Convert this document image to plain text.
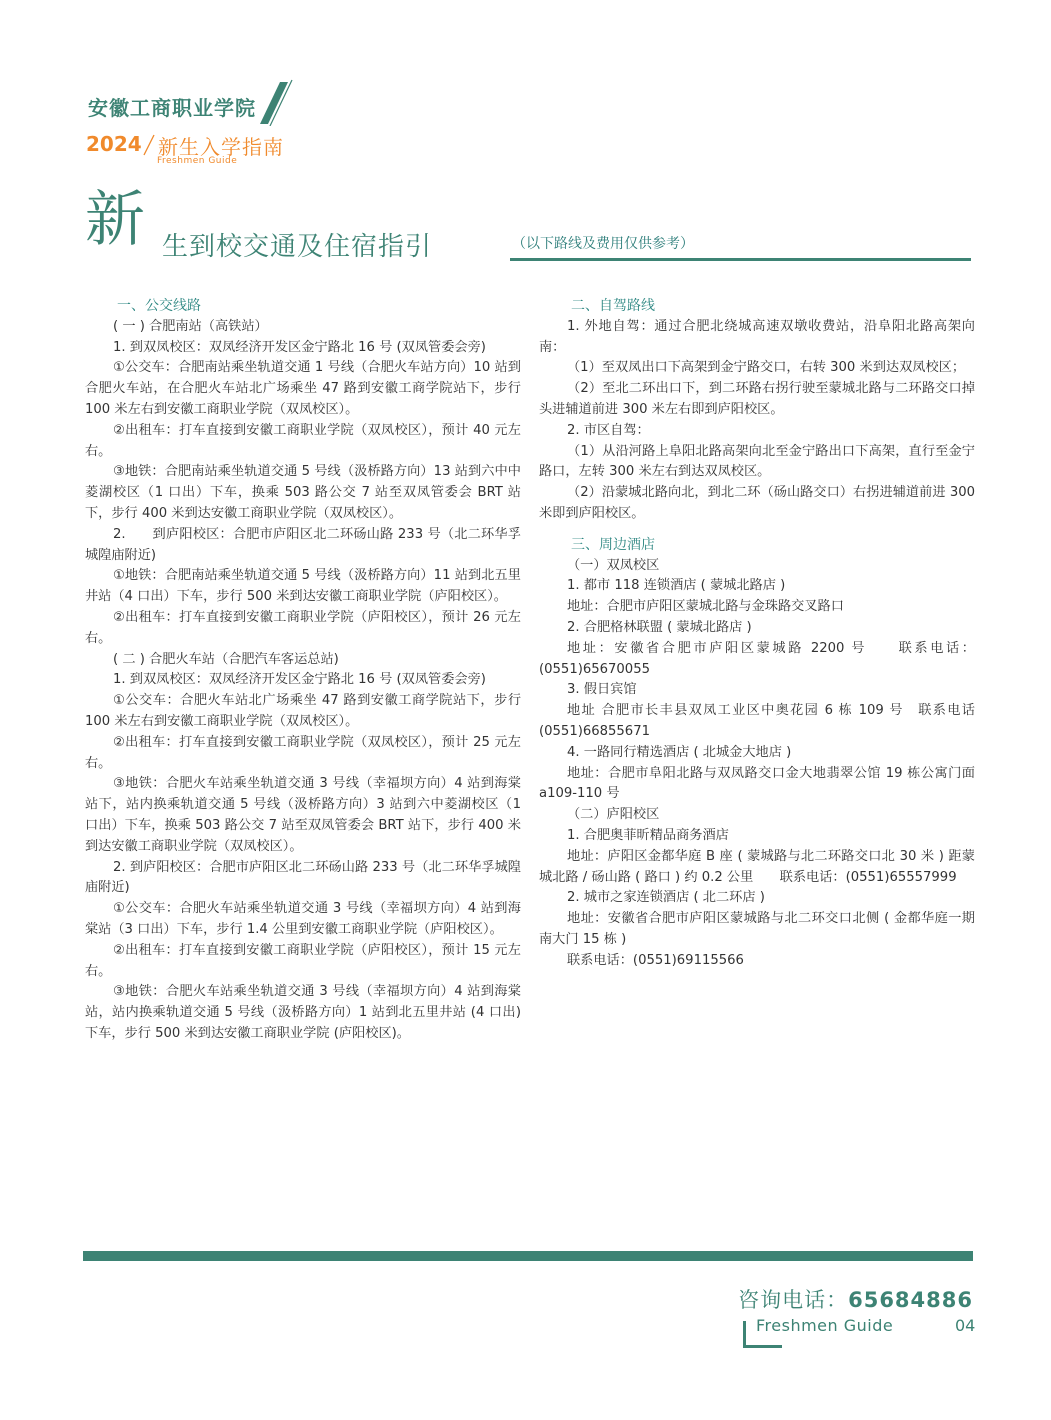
安徽工商职业学院
2024 新生入学指南
Freshmen Guide
新 生到校交通及住宿指引	（以下路线及费用仅供参考）

一、公交线路

( 一 ) 合肥南站（高铁站）

1. 到双凤校区：双凤经济开发区金宁路北 16 号 (双凤管委会旁)

①公交车：合肥南站乘坐轨道交通 1 号线（合肥火车站方向）10 站到合肥火车站，在合肥火车站北广场乘坐 47 路到安徽工商学院站下，步行 100 米左右到安徽工商职业学院（双凤校区）。

②出租车：打车直接到安徽工商职业学院（双凤校区），预计 40 元左右。

③地铁：合肥南站乘坐轨道交通 5 号线（汲桥路方向）13 站到六中中菱湖校区（1 口出）下车，换乘 503 路公交 7 站至双凤管委会 BRT 站下，步行 400 米到达安徽工商职业学院（双凤校区）。

2.　　到庐阳校区：合肥市庐阳区北二环砀山路 233 号（北二环华孚城隍庙附近)

①地铁：合肥南站乘坐轨道交通 5 号线（汲桥路方向）11 站到北五里井站（4 口出）下车，步行 500 米到达安徽工商职业学院（庐阳校区）。

②出租车：打车直接到安徽工商职业学院（庐阳校区），预计 26 元左右。

( 二 ) 合肥火车站（合肥汽车客运总站)

1. 到双凤校区：双凤经济开发区金宁路北 16 号 (双凤管委会旁)

①公交车：合肥火车站北广场乘坐 47 路到安徽工商学院站下，步行 100 米左右到安徽工商职业学院（双凤校区）。

②出租车：打车直接到安徽工商职业学院（双凤校区），预计 25 元左右。

③地铁：合肥火车站乘坐轨道交通 3 号线（幸福坝方向）4 站到海棠站下，站内换乘轨道交通 5 号线（汲桥路方向）3 站到六中菱湖校区（1 口出）下车，换乘 503 路公交 7 站至双凤管委会 BRT 站下，步行 400 米到达安徽工商职业学院（双凤校区）。

2. 到庐阳校区：合肥市庐阳区北二环砀山路 233 号（北二环华孚城隍庙附近)

①公交车：合肥火车站乘坐轨道交通 3 号线（幸福坝方向）4 站到海棠站（3 口出）下车，步行 1.4 公里到安徽工商职业学院（庐阳校区）。

②出租车：打车直接到安徽工商职业学院（庐阳校区），预计 15 元左右。

③地铁：合肥火车站乘坐轨道交通 3 号线（幸福坝方向）4 站到海棠站，站内换乘轨道交通 5 号线（汲桥路方向）1 站到北五里井站 (4 口出) 下车，步行 500 米到达安徽工商职业学院 (庐阳校区)。

二、自驾路线

1. 外地自驾：通过合肥北绕城高速双墩收费站，沿阜阳北路高架向南：

（1）至双凤出口下高架到金宁路交口，右转 300 米到达双凤校区；

（2）至北二环出口下，到二环路右拐行驶至蒙城北路与二环路交口掉头进辅道前进 300 米左右即到庐阳校区。

2. 市区自驾：

（1）从沿河路上阜阳北路高架向北至金宁路出口下高架，直行至金宁路口，左转 300 米左右到达双凤校区。

（2）沿蒙城北路向北，到北二环（砀山路交口）右拐进辅道前进 300 米即到庐阳校区。

三、周边酒店

（一）双凤校区

1. 都市 118 连锁酒店 ( 蒙城北路店 )

地址：合肥市庐阳区蒙城北路与金珠路交叉路口

2. 合肥格林联盟 ( 蒙城北路店 )

地址：安徽省合肥市庐阳区蒙城路 2200 号　　联系电话：(0551)65670055

3. 假日宾馆

地址 合肥市长丰县双凤工业区中奥花园 6 栋 109 号　联系电话 (0551)66855671

4. 一路同行精选酒店 ( 北城金大地店 )

地址：合肥市阜阳北路与双凤路交口金大地翡翠公馆 19 栋公寓门面 a109-110 号

（二）庐阳校区

1. 合肥奥菲昕精品商务酒店

地址：庐阳区金都华庭 B 座 ( 蒙城路与北二环路交口北 30 米 ) 距蒙城北路 / 砀山路 ( 路口 ) 约 0.2 公里　　联系电话：(0551)65557999

2. 城市之家连锁酒店 ( 北二环店 )

地址：安徽省合肥市庐阳区蒙城路与北二环交口北侧 ( 金都华庭一期南大门 15 栋 )

联系电话：(0551)69115566

咨询电话：65684886
Freshmen Guide	04
